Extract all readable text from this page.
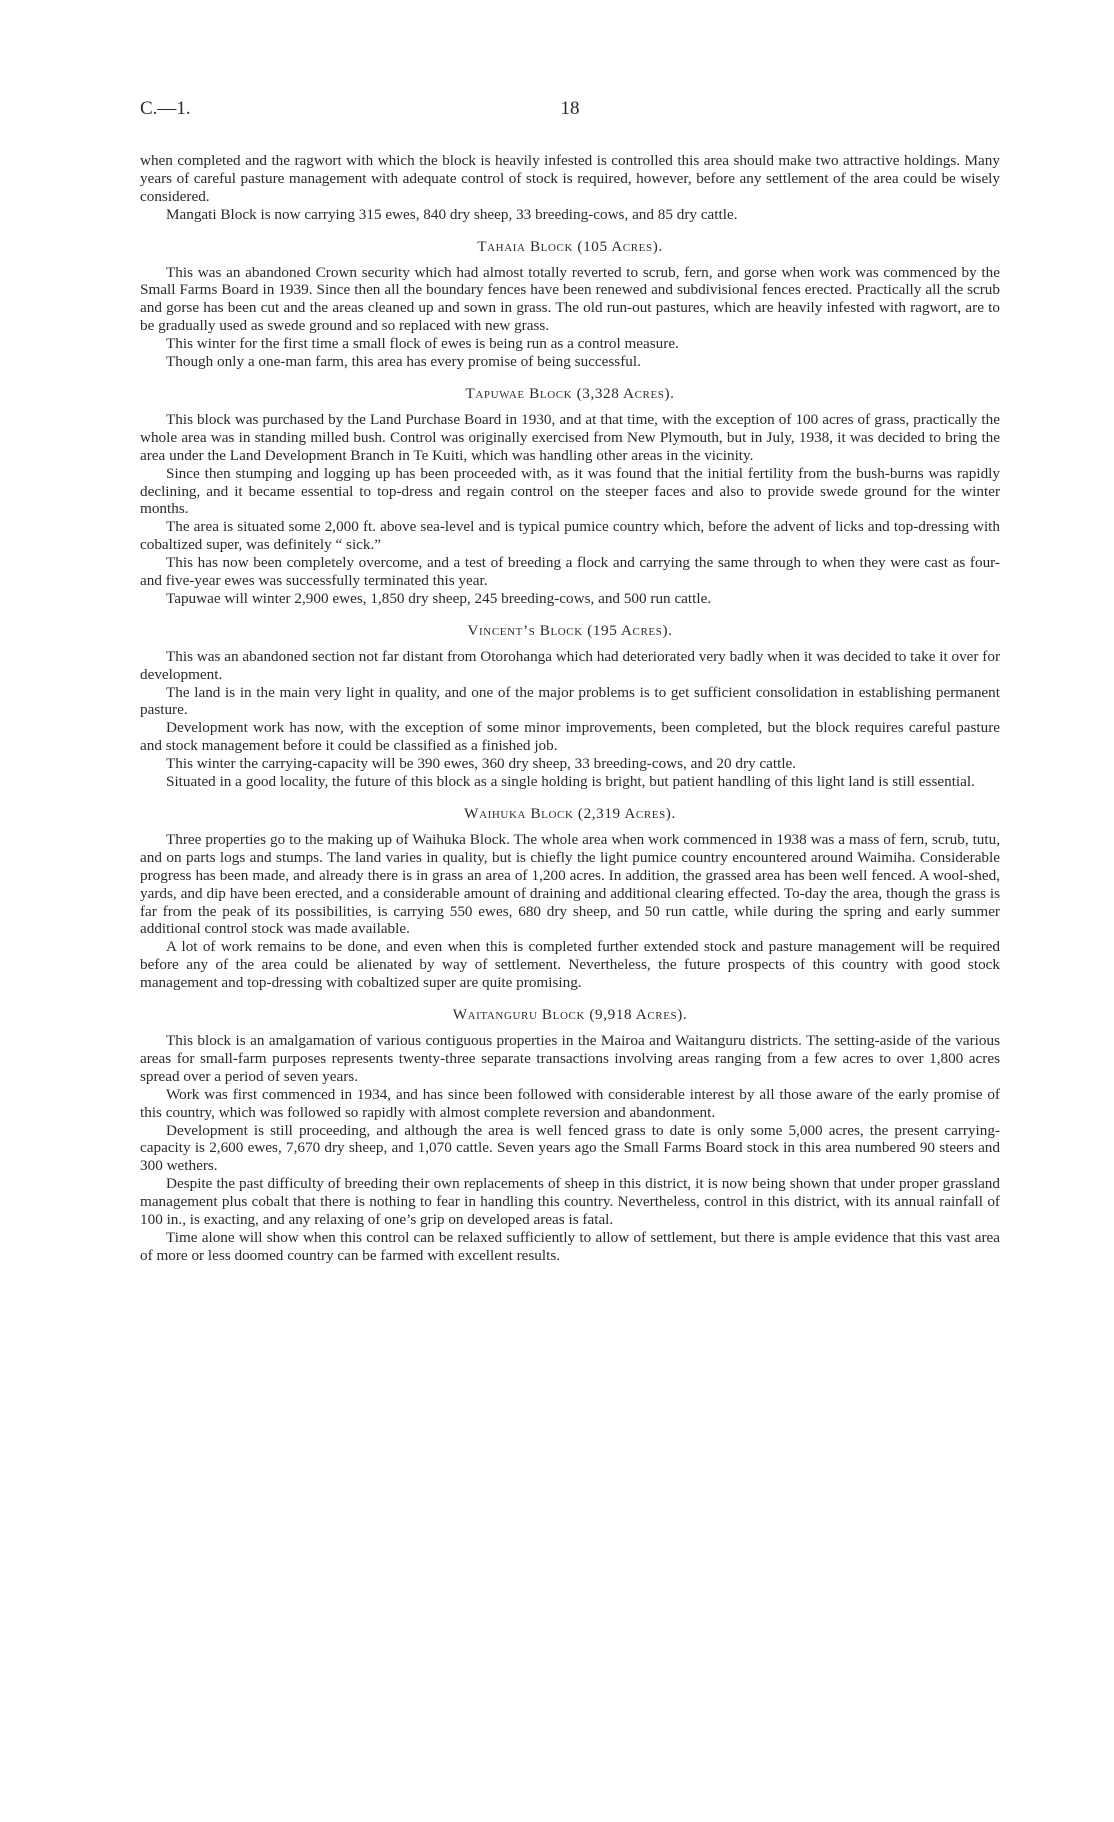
C.—1.	18

when completed and the ragwort with which the block is heavily infested is controlled this area should make two attractive holdings. Many years of careful pasture management with adequate control of stock is required, however, before any settlement of the area could be wisely considered.

Mangati Block is now carrying 315 ewes, 840 dry sheep, 33 breeding-cows, and 85 dry cattle.

Tahaia Block (105 Acres).

This was an abandoned Crown security which had almost totally reverted to scrub, fern, and gorse when work was commenced by the Small Farms Board in 1939. Since then all the boundary fences have been renewed and subdivisional fences erected. Practically all the scrub and gorse has been cut and the areas cleaned up and sown in grass. The old run-out pastures, which are heavily infested with ragwort, are to be gradually used as swede ground and so replaced with new grass.

This winter for the first time a small flock of ewes is being run as a control measure.

Though only a one-man farm, this area has every promise of being successful.

Tapuwae Block (3,328 Acres).

This block was purchased by the Land Purchase Board in 1930, and at that time, with the exception of 100 acres of grass, practically the whole area was in standing milled bush. Control was originally exercised from New Plymouth, but in July, 1938, it was decided to bring the area under the Land Development Branch in Te Kuiti, which was handling other areas in the vicinity.

Since then stumping and logging up has been proceeded with, as it was found that the initial fertility from the bush-burns was rapidly declining, and it became essential to top-dress and regain control on the steeper faces and also to provide swede ground for the winter months.

The area is situated some 2,000 ft. above sea-level and is typical pumice country which, before the advent of licks and top-dressing with cobaltized super, was definitely “ sick.”

This has now been completely overcome, and a test of breeding a flock and carrying the same through to when they were cast as four- and five-year ewes was successfully terminated this year.

Tapuwae will winter 2,900 ewes, 1,850 dry sheep, 245 breeding-cows, and 500 run cattle.

Vincent’s Block (195 Acres).

This was an abandoned section not far distant from Otorohanga which had deteriorated very badly when it was decided to take it over for development.

The land is in the main very light in quality, and one of the major problems is to get sufficient consolidation in establishing permanent pasture.

Development work has now, with the exception of some minor improvements, been completed, but the block requires careful pasture and stock management before it could be classified as a finished job.

This winter the carrying-capacity will be 390 ewes, 360 dry sheep, 33 breeding-cows, and 20 dry cattle.

Situated in a good locality, the future of this block as a single holding is bright, but patient handling of this light land is still essential.

Waihuka Block (2,319 Acres).

Three properties go to the making up of Waihuka Block. The whole area when work commenced in 1938 was a mass of fern, scrub, tutu, and on parts logs and stumps. The land varies in quality, but is chiefly the light pumice country encountered around Waimiha. Considerable progress has been made, and already there is in grass an area of 1,200 acres. In addition, the grassed area has been well fenced. A wool-shed, yards, and dip have been erected, and a considerable amount of draining and additional clearing effected. To-day the area, though the grass is far from the peak of its possibilities, is carrying 550 ewes, 680 dry sheep, and 50 run cattle, while during the spring and early summer additional control stock was made available.

A lot of work remains to be done, and even when this is completed further extended stock and pasture management will be required before any of the area could be alienated by way of settlement. Nevertheless, the future prospects of this country with good stock management and top-dressing with cobaltized super are quite promising.

Waitanguru Block (9,918 Acres).

This block is an amalgamation of various contiguous properties in the Mairoa and Waitanguru districts. The setting-aside of the various areas for small-farm purposes represents twenty-three separate transactions involving areas ranging from a few acres to over 1,800 acres spread over a period of seven years.

Work was first commenced in 1934, and has since been followed with considerable interest by all those aware of the early promise of this country, which was followed so rapidly with almost complete reversion and abandonment.

Development is still proceeding, and although the area is well fenced grass to date is only some 5,000 acres, the present carrying-capacity is 2,600 ewes, 7,670 dry sheep, and 1,070 cattle. Seven years ago the Small Farms Board stock in this area numbered 90 steers and 300 wethers.

Despite the past difficulty of breeding their own replacements of sheep in this district, it is now being shown that under proper grassland management plus cobalt that there is nothing to fear in handling this country. Nevertheless, control in this district, with its annual rainfall of 100 in., is exacting, and any relaxing of one’s grip on developed areas is fatal.

Time alone will show when this control can be relaxed sufficiently to allow of settlement, but there is ample evidence that this vast area of more or less doomed country can be farmed with excellent results.
